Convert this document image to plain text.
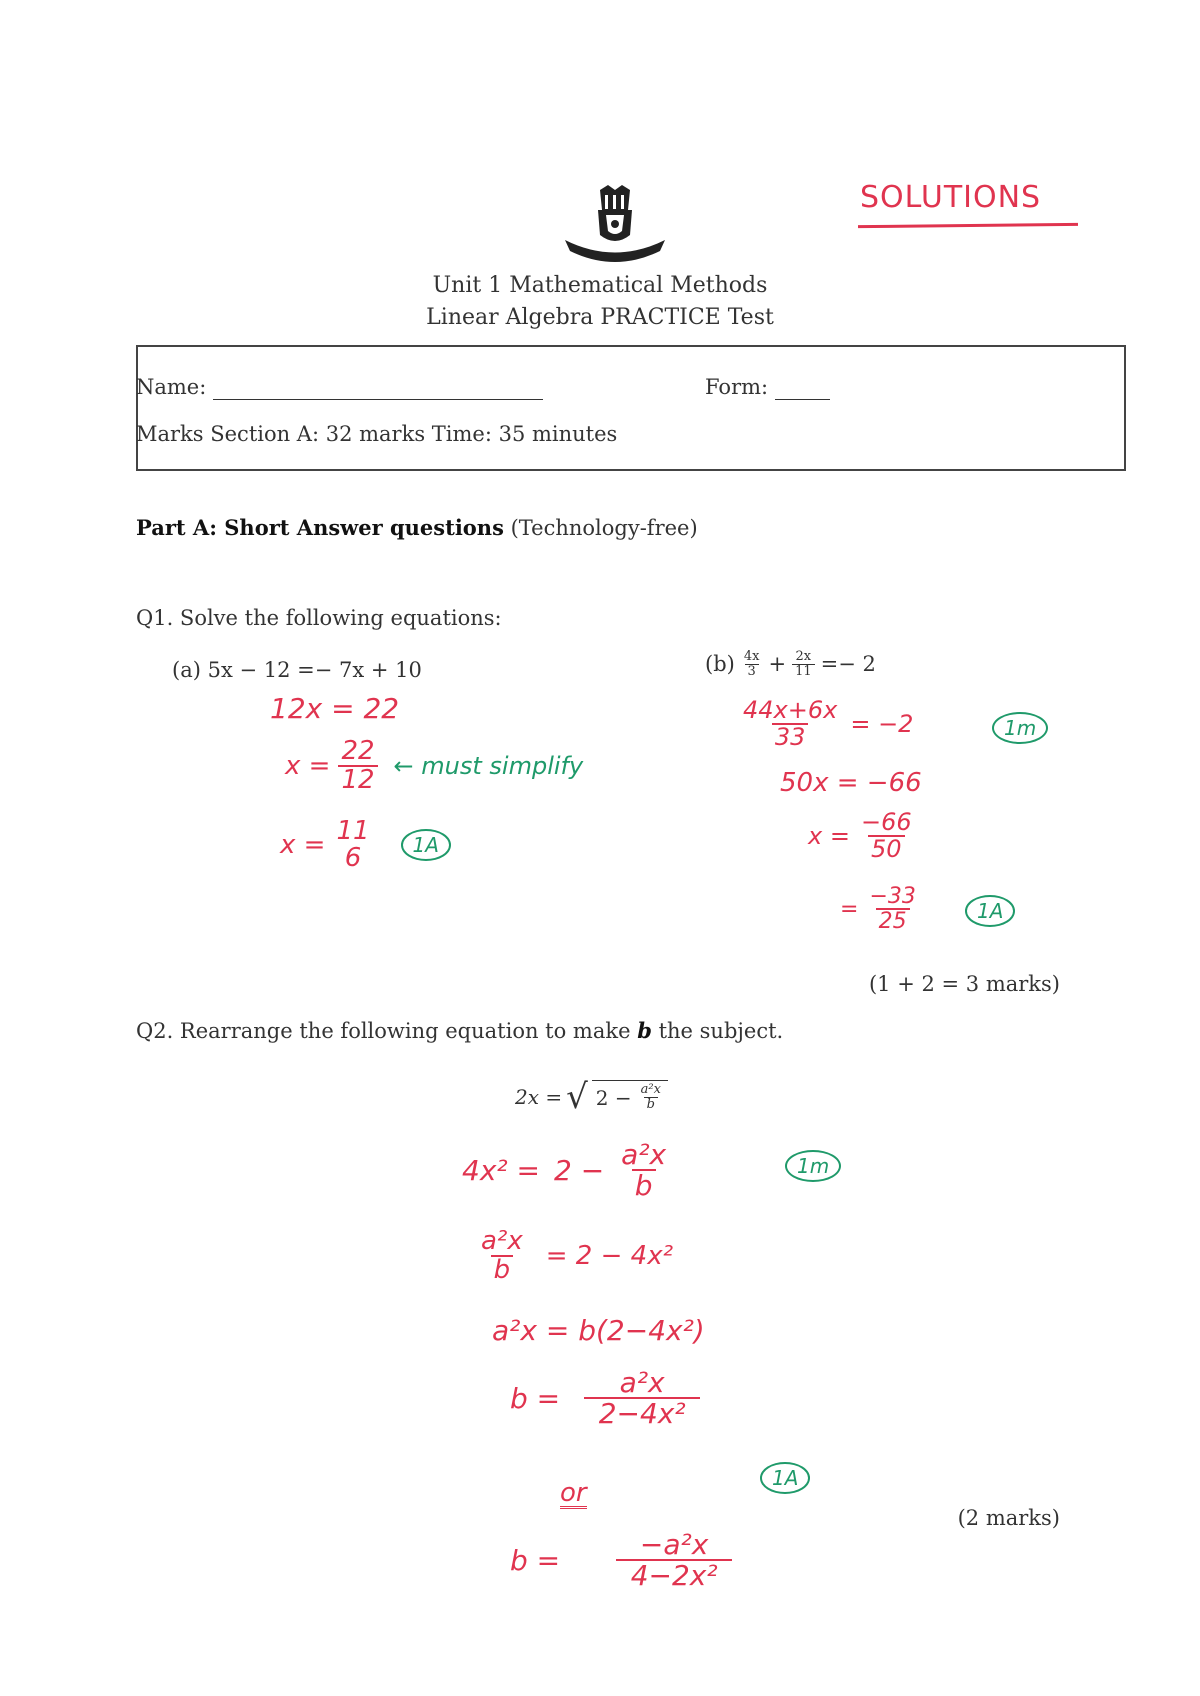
SOLUTIONS
Unit 1 Mathematical Methods
Linear Algebra PRACTICE Test
Name:	Form:
Marks Section A: 32 marks Time: 35 minutes
Part A: Short Answer questions (Technology-free)
Q1. Solve the following equations:
(a) 5x − 12 =− 7x + 10	$(b) \frac{4x}{3} + \frac{2x}{11} =- 2$
12x = 22
$x = \frac{22}{12}$ ← must simplify
x = 11
6	1A
$\frac{44x+6x}{33} = -2$	1m
50x = −66
$x = \frac{-66}{50}$
= $\frac{-33}{25}$	1A
(1 + 2 = 3 marks)
Q2. Rearrange the following equation to make b the subject.
2x = √ $2 - \frac{\text{a²x}}{b}$
$4x^2 = 2 - \frac{\text{a²x}}{b}$	1m
$\frac{\text{a²x}}{b} = 2 - 4x^2$
a²x = b(2−4x²)
$b = \frac{\text{a²x}}{\text{2−4x²}}$
1A
or
$b = \frac{\text{−a²x}}{\text{4−2x²}}$
(2 marks)
